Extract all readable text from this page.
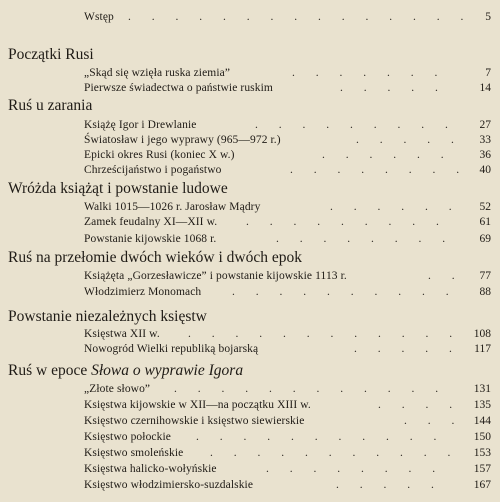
Wstęp . . . . . . . . . . . . . . .	5
Początki Rusi
„Skąd się wzięła ruska ziemia”	. . . . . . .	7
Pierwsze świadectwa o państwie ruskim	. . . . .	14
Ruś u zarania
Książę Igor i Drewlanie	. . . . . . . . .	27
Światosław i jego wyprawy (965—972 r.)	. . . . .	33
Epicki okres Rusi (koniec X w.)	. . . . . .	36
Chrześcijaństwo i pogaństwo	. . . . . . . . 40
Wróżda książąt i powstanie ludowe
Walki 1015—1026 r. Jarosław Mądry	. . . . . .	52
Zamek feudalny XI—XII w.	. . . . . . . . .	61
Powstanie kijowskie 1068 r.	. . . . . . . .	69
Ruś na przełomie dwóch wieków i dwóch epok
Książęta „Gorzesławicze” i powstanie kijowskie 1113 r.	. .	77
Włodzimierz Monomach	. . . . . . . . . .	88
Powstanie niezależnych księstw
Księstwa XII w. . . . . . . . . . . . .	108
Nowogród Wielki republiką bojarską	. . . . .	117
Ruś w epoce Słowa o wyprawie Igora
„Złote słowo” . . . . . . . . . . . .	131
Księstwa kijowskie w XII—na początku XIII w.	. . . .	135
Księstwo czernihowskie i księstwo siewierskie	. . . 144
Księstwo połockie . . . . . . . . . . .	150
Księstwo smoleńskie . . . . . . . . . . .	153
Księstwa halicko-wołyńskie	. . . . . . . .	157
Księstwo włodzimiersko-suzdalskie	. . . . .	167
